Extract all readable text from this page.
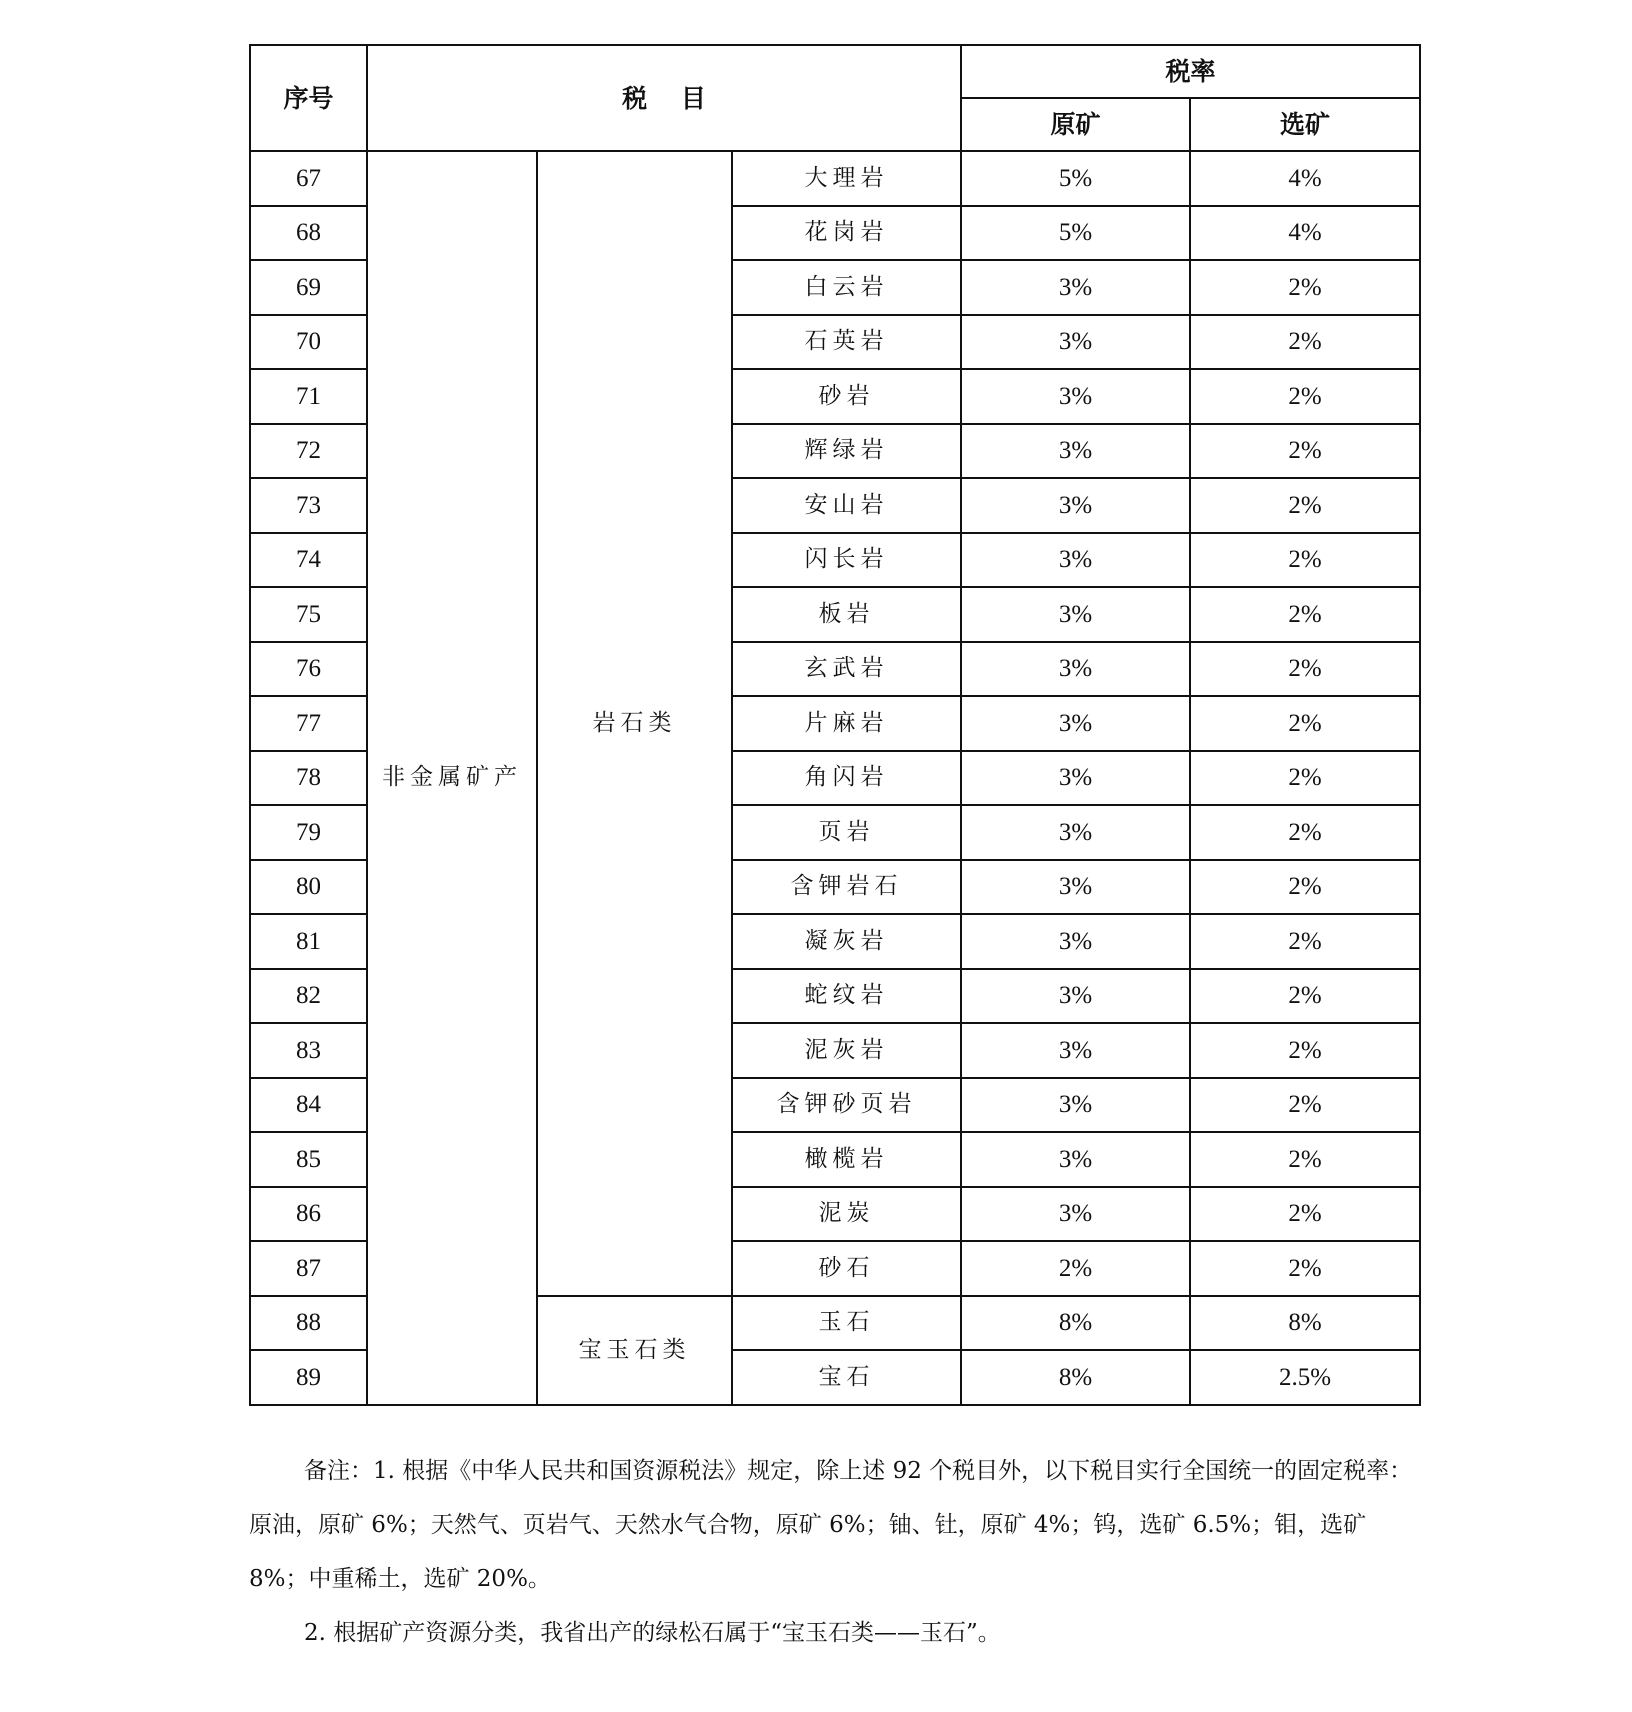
序号	税　 目			税率	
				原矿	选矿
67	非金属矿产	岩石类	大理岩	5%	4%
68			花岗岩	5%	4%
69			白云岩	3%	2%
70			石英岩	3%	2%
71			砂岩	3%	2%
72			辉绿岩	3%	2%
73			安山岩	3%	2%
74			闪长岩	3%	2%
75			板岩	3%	2%
76			玄武岩	3%	2%
77			片麻岩	3%	2%
78			角闪岩	3%	2%
79			页岩	3%	2%
80			含钾岩石	3%	2%
81			凝灰岩	3%	2%
82			蛇纹岩	3%	2%
83			泥灰岩	3%	2%
84			含钾砂页岩	3%	2%
85			橄榄岩	3%	2%
86			泥炭	3%	2%
87			砂石	2%	2%
88		宝玉石类	玉石	8%	8%
89			宝石	8%	2.5%

备注：1. 根据《中华人民共和国资源税法》规定，除上述 92 个税目外，以下税目实行全国统一的固定税率：原油，原矿 6%；天然气、页岩气、天然水气合物，原矿 6%；铀、钍，原矿 4%；钨，选矿 6.5%；钼，选矿 8%；中重稀土，选矿 20%。

2. 根据矿产资源分类，我省出产的绿松石属于“宝玉石类——玉石”。
